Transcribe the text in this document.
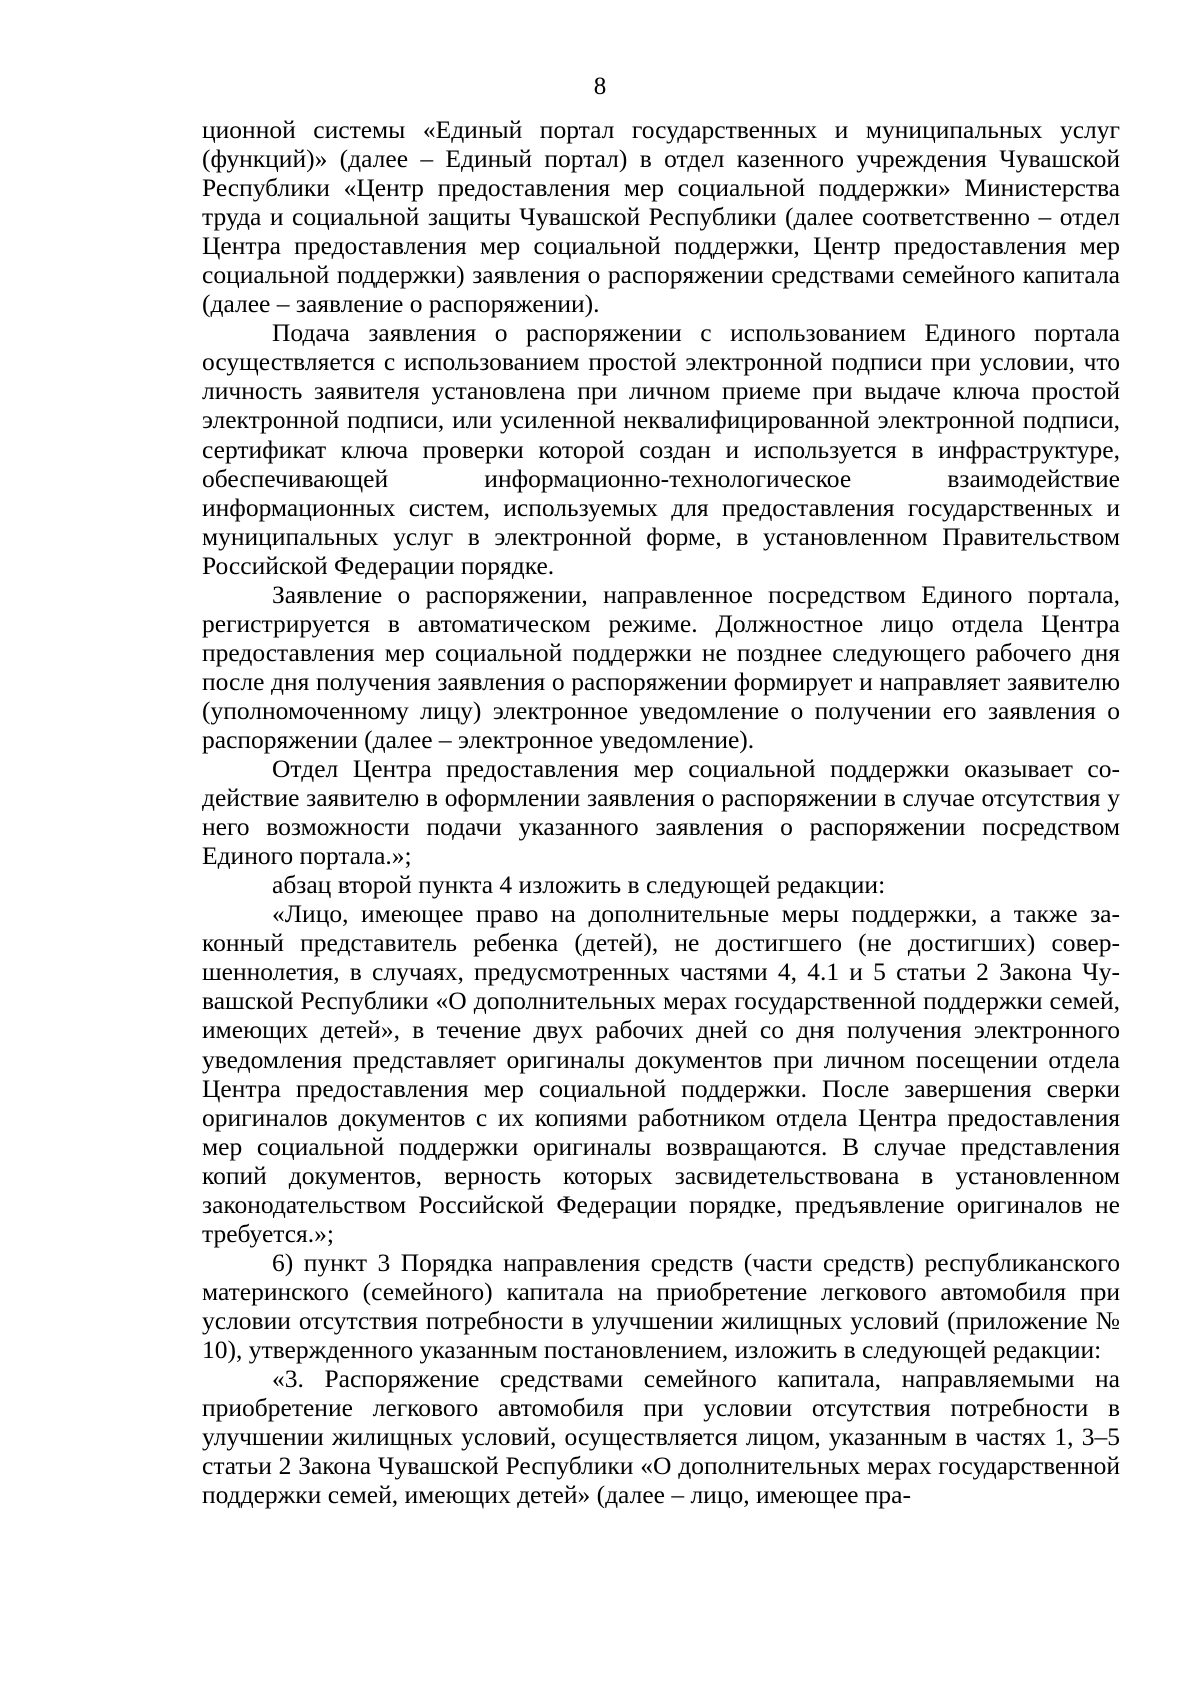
8

ционной системы «Единый портал государственных и муниципальных услуг (функций)» (далее – Единый портал) в отдел казенного учреждения Чувашской Республики «Центр предоставления мер социальной поддержки» Министерства труда и социальной защиты Чувашской Республики (далее соответственно – отдел Центра предоставления мер социальной поддержки, Центр предоставления мер социальной поддержки) заявления о распоряжении средствами семейного капитала (далее – заявление о распоряжении).

Подача заявления о распоряжении с использованием Единого портала осуществляется с использованием простой электронной подписи при условии, что личность заявителя установлена при личном приеме при выдаче ключа простой электронной подписи, или усиленной неквалифицированной электронной подписи, сертификат ключа проверки которой создан и используется в инфраструктуре, обеспечивающей информационно-технологическое взаимодействие информационных систем, используемых для предоставления государственных и муниципальных услуг в электронной форме, в установленном Правительством Российской Федерации порядке.

Заявление о распоряжении, направленное посредством Единого портала, регистрируется в автоматическом режиме. Должностное лицо отдела Центра предоставления мер социальной поддержки не позднее следующего рабочего дня после дня получения заявления о распоряжении формирует и направляет заявителю (уполномоченному лицу) электронное уведомление о получении его заявления о распоряжении (далее – электронное уведомление).

Отдел Центра предоставления мер социальной поддержки оказывает содействие заявителю в оформлении заявления о распоряжении в случае отсутствия у него возможности подачи указанного заявления о распоряжении посредством Единого портала.»;

абзац второй пункта 4 изложить в следующей редакции:

«Лицо, имеющее право на дополнительные меры поддержки, а также законный представитель ребенка (детей), не достигшего (не достигших) совершеннолетия, в случаях, предусмотренных частями 4, 4.1 и 5 статьи 2 Закона Чувашской Республики «О дополнительных мерах государственной поддержки семей, имеющих детей», в течение двух рабочих дней со дня получения электронного уведомления представляет оригиналы документов при личном посещении отдела Центра предоставления мер социальной поддержки. После завершения сверки оригиналов документов с их копиями работником отдела Центра предоставления мер социальной поддержки оригиналы возвращаются. В случае представления копий документов, верность которых засвидетельствована в установленном законодательством Российской Федерации порядке, предъявление оригиналов не требуется.»;

6) пункт 3 Порядка направления средств (части средств) республиканского материнского (семейного) капитала на приобретение легкового автомобиля при условии отсутствия потребности в улучшении жилищных условий (приложение № 10), утвержденного указанным постановлением, изложить в следующей редакции:

«3. Распоряжение средствами семейного капитала, направляемыми на приобретение легкового автомобиля при условии отсутствия потребности в улучшении жилищных условий, осуществляется лицом, указанным в частях 1, 3–5 статьи 2 Закона Чувашской Республики «О дополнительных мерах государственной поддержки семей, имеющих детей» (далее – лицо, имеющее пра-
